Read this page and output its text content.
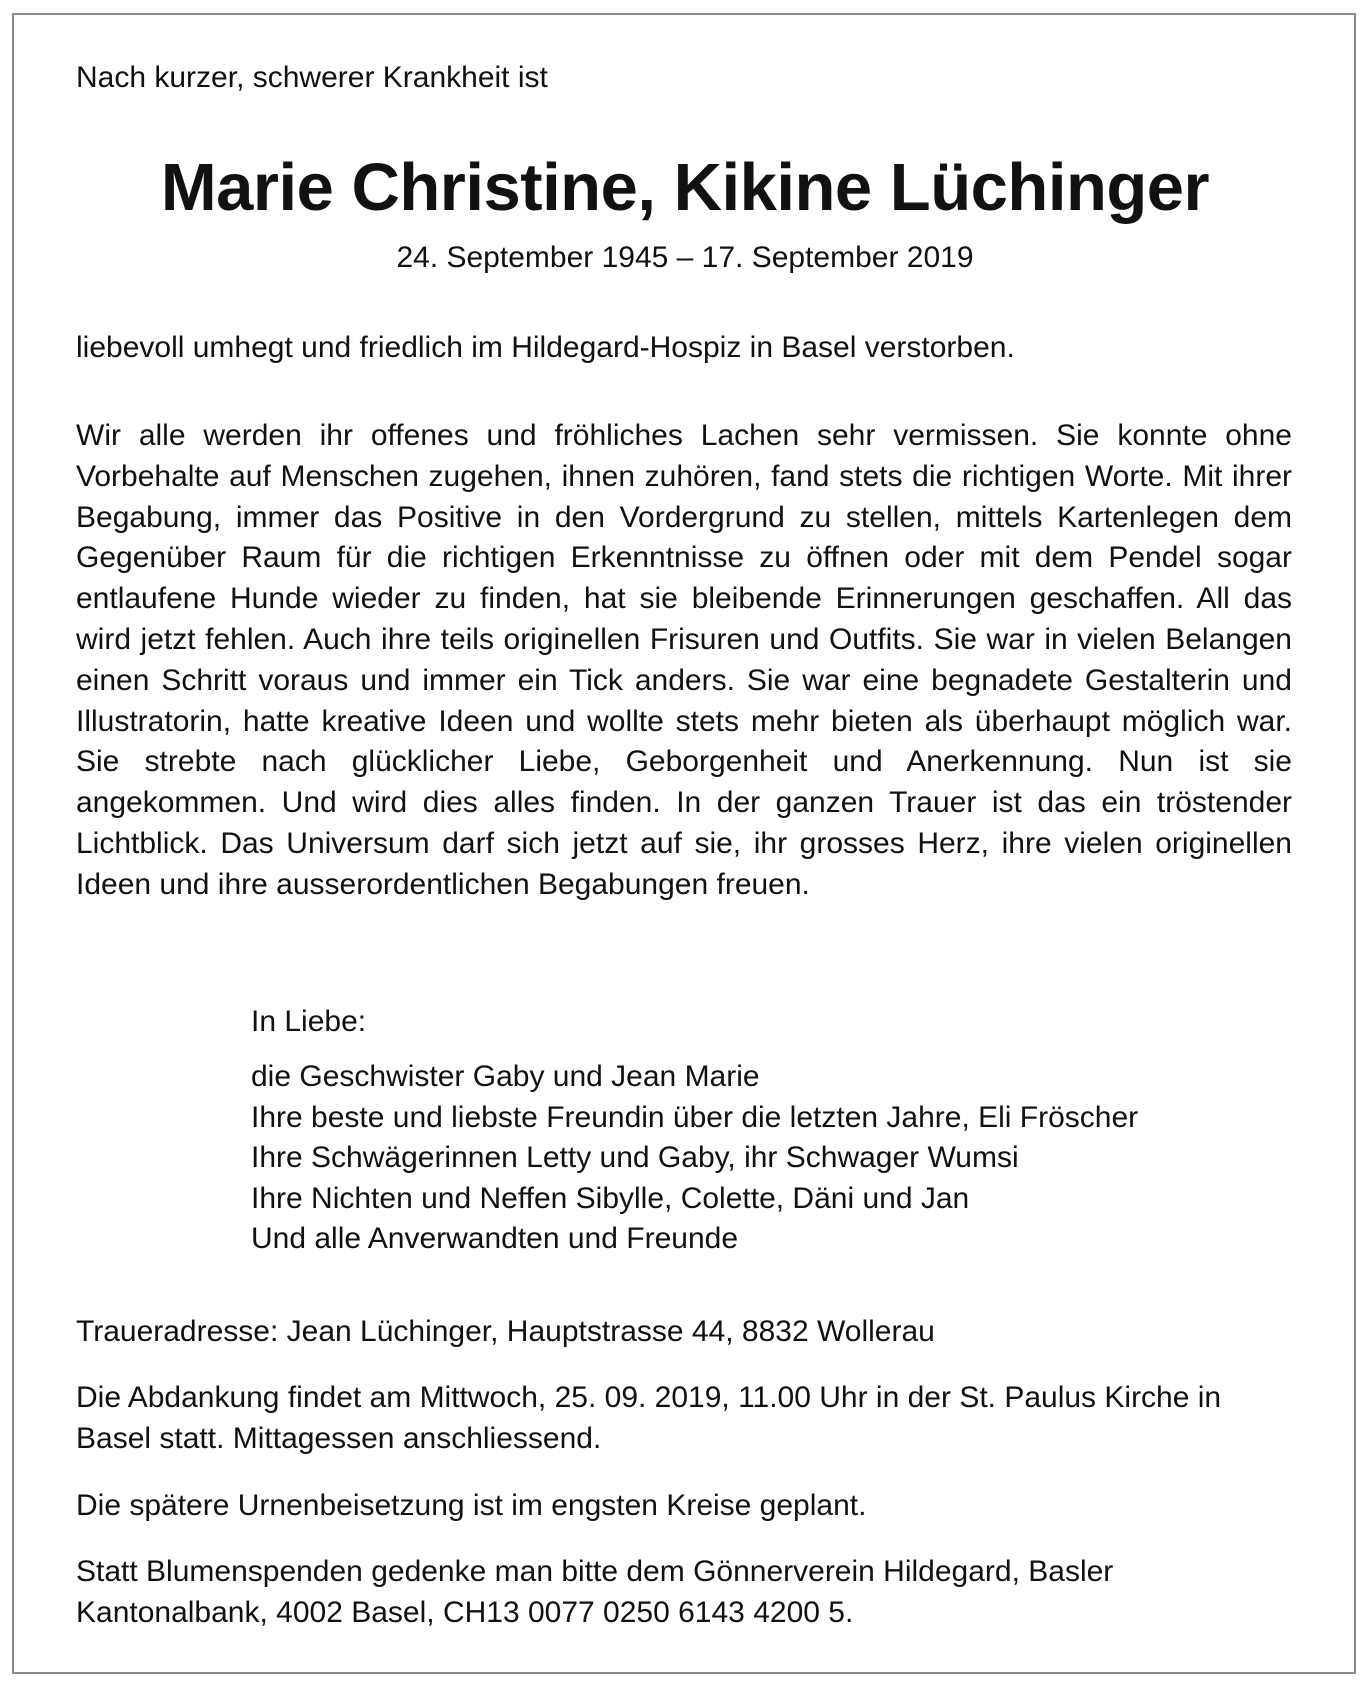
Nach kurzer, schwerer Krankheit ist

Marie Christine, Kikine Lüchinger

24. September 1945 – 17. September 2019

liebevoll umhegt und friedlich im Hildegard-Hospiz in Basel verstorben.

Wir alle werden ihr offenes und fröhliches Lachen sehr vermissen. Sie konnte ohne Vorbehalte auf Menschen zugehen, ihnen zuhören, fand stets die richtigen Worte. Mit ihrer Begabung, immer das Positive in den Vordergrund zu stellen, mittels Kartenlegen dem Gegenüber Raum für die richtigen Erkenntnisse zu öffnen oder mit dem Pendel sogar entlaufene Hunde wieder zu finden, hat sie bleibende Erinnerungen geschaffen. All das wird jetzt fehlen. Auch ihre teils originellen Frisuren und Outfits. Sie war in vielen Belangen einen Schritt voraus und immer ein Tick anders. Sie war eine begnadete Gestalterin und Illustratorin, hatte kreative Ideen und wollte stets mehr bieten als überhaupt möglich war. Sie strebte nach glücklicher Liebe, Geborgenheit und Anerkennung. Nun ist sie angekommen. Und wird dies alles finden. In der ganzen Trauer ist das ein tröstender Lichtblick. Das Universum darf sich jetzt auf sie, ihr grosses Herz, ihre vielen originellen Ideen und ihre ausserordentlichen Begabungen freuen.

In Liebe:

die Geschwister Gaby und Jean Marie
Ihre beste und liebste Freundin über die letzten Jahre, Eli Fröscher
Ihre Schwägerinnen Letty und Gaby, ihr Schwager Wumsi
Ihre Nichten und Neffen Sibylle, Colette, Däni und Jan
Und alle Anverwandten und Freunde

Traueradresse: Jean Lüchinger, Hauptstrasse 44, 8832 Wollerau

Die Abdankung findet am Mittwoch, 25. 09. 2019, 11.00 Uhr in der St. Paulus Kirche in Basel statt. Mittagessen anschliessend.

Die spätere Urnenbeisetzung ist im engsten Kreise geplant.

Statt Blumenspenden gedenke man bitte dem Gönnerverein Hildegard, Basler Kantonalbank, 4002 Basel, CH13 0077 0250 6143 4200 5.
